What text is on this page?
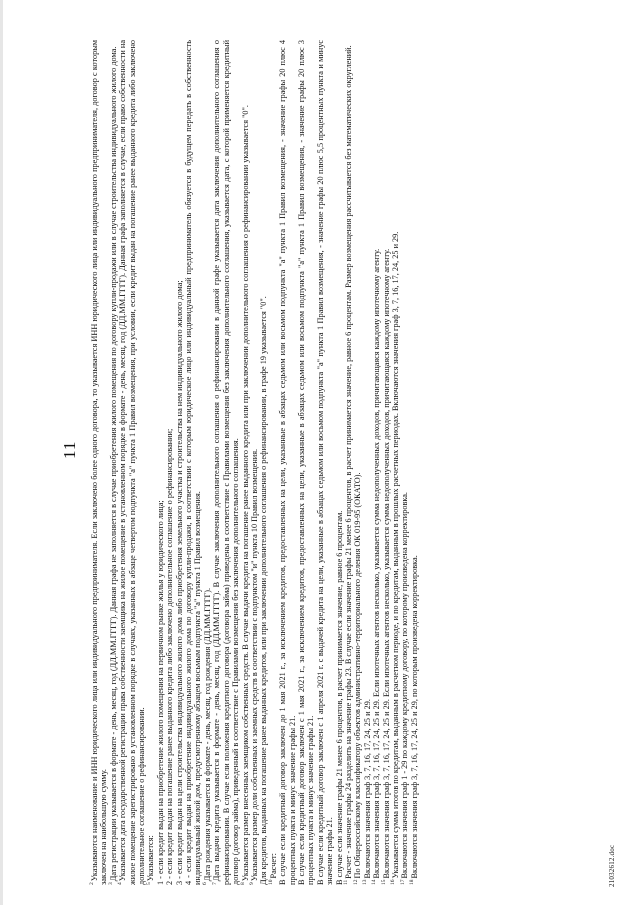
11

$^2$Указываются наименование и ИНН юридического лица или индивидуального предпринимателя. Если заключено более одного договора, то указывается ИНН юридического лица или индивидуального предпринимателя, договор с которым заключен на наибольшую сумму. $^3$Дата регистрации указывается в формате - день, месяц, год (ДД.ММ.ГГГГ). Данная графа не заполняется в случае приобретения жилого помещения по договору купли-продажи или в случае строительства индивидуального жилого дома.

$^4$Указывается дата государственной регистрации права собственности заемщика на жилое помещение в установленном порядке в формате - день, месяц, год (ДД.ММ.ГГГГ). Данная графа заполняется в случае, если право собственности на жилое помещение зарегистрировано в установленном порядке в случаях, указанных в абзаце четвертом подпункта "а" пункта 1 Правил возмещения, при условии, если кредит выдан на погашение ранее выданного кредита либо заключено дополнительное соглашение о рефинансировании. $^5$Указывается: 1 - если кредит выдан на приобретение жилого помещения на первичном рынке жилья у юридического лица; 2 - если кредит выдан на погашение ранее выданного кредита либо заключено дополнительное соглашение о рефинансировании; 3 - если кредит выдан на цели строительства индивидуального жилого дома либо приобретения земельного участка и строительства на нем индивидуального жилого дома; 4 - если кредит выдан на приобретение индивидуального жилого дома по договору купли-продажи, в соответствии с которым юридическое лицо или индивидуальный предприниматель обязуется в будущем передать в собственность индивидуальный жилой дом, предусмотренному абзацем восьмым подпункта "а" пункта 1 Правил возмещения. $^6$Дата рождения указывается в формате - день, месяц, год рождения (ДД.ММ.ГГГГ).

$^7$Дата выдачи кредита указывается в формате - день, месяц, год (ДД.ММ.ГГГГ). В случае заключения дополнительного соглашения о рефинансировании в данной графе указывается дата заключения дополнительного соглашения о рефинансировании. В случае если положения кредитного договора (договора займа) приведены в соответствие с Правилами возмещения без заключения дополнительного соглашения, указывается дата, с которой применяется кредитный договор (договор займа), приведенный в соответствие с Правилами возмещения без заключения дополнительного соглашения. $^8$Указывается размер внесенных заемщиком собственных средств. В случае выдачи кредита на погашение ранее выданного кредита или при заключении дополнительного соглашения о рефинансировании указывается "0".

$^9$Указывается размер доли собственных и заемных средств в соответствии с подпунктом "и" пункта 10 Правил возмещения. Для кредитов, выданных на погашение ранее выданных кредитов, или при заключении дополнительного соглашения о рефинансировании, в графе 19 указывается "0". $^{10}$Расчет: В случае если кредитный договор заключен до 1 мая 2021 г., за исключением кредитов, предоставленных на цели, указанные в абзацах седьмом или восьмом подпункта "а" пункта 1 Правил возмещения, - значение графы 20 плюс 4 процентных пункта и минус значение графы 21. В случае если кредитный договор заключен с 1 мая 2021 г., за исключением кредитов, предоставленных на цели, указанные в абзацах седьмом или восьмом подпункта "а" пункта 1 Правил возмещения, - значение графы 20 плюс 3 процентных пункта и минус значение графы 21. В случае если кредитный договор заключен с 1 апреля 2021 г. с выдачей кредита на цели, указанные в абзацах седьмом или восьмом подпункта "а" пункта 1 Правил возмещения, - значение графы 20 плюс 5,5 процентных пункта и минус значение графы 21. В случае если значение графы 21 менее 6 процентов, в расчет принимается значение, равное 6 процентам. $^{11}$Расчет - значение графы 24 разделить на значение графы 23. В случае если значение графы 21 менее 6 процентов, в расчет принимается значение, равное 6 процентам. Размер возмещения рассчитывается без математических округлений.

$^{12}$По Общероссийскому классификатору объектов административно-территориального деления ОК 019-95 (ОКАТО).

$^{13}$Включаются значения граф 3, 7, 16, 17, 24, 25 и 29.

$^{14}$Включаются значения граф 3, 7, 16, 17, 24, 25 и 29. Если ипотечных агентов несколько, указывается сумма недополученных доходов, причитающаяся каждому ипотечному агенту.

$^{15}$Включаются значения граф 3, 7, 16, 17, 24, 25 и 29. Если ипотечных агентов несколько, указывается сумма недополученных доходов, причитающаяся каждому ипотечному агенту.

$^{16}$Указывается сумма итогов по кредитам, выданным в расчетном периоде, и по кредитам, выданным в прошлых расчетных периодах. Включаются значения граф 3, 7, 16, 17, 24, 25 и 29.

$^{17}$Включаются значения граф 1 - 29 по каждому кредитному договору, по которому произведена корректировка.

$^{18}$Включаются значения граф 3, 7, 16, 17, 24, 25 и 29, по которым произведена корректировка.	21032612.doc
